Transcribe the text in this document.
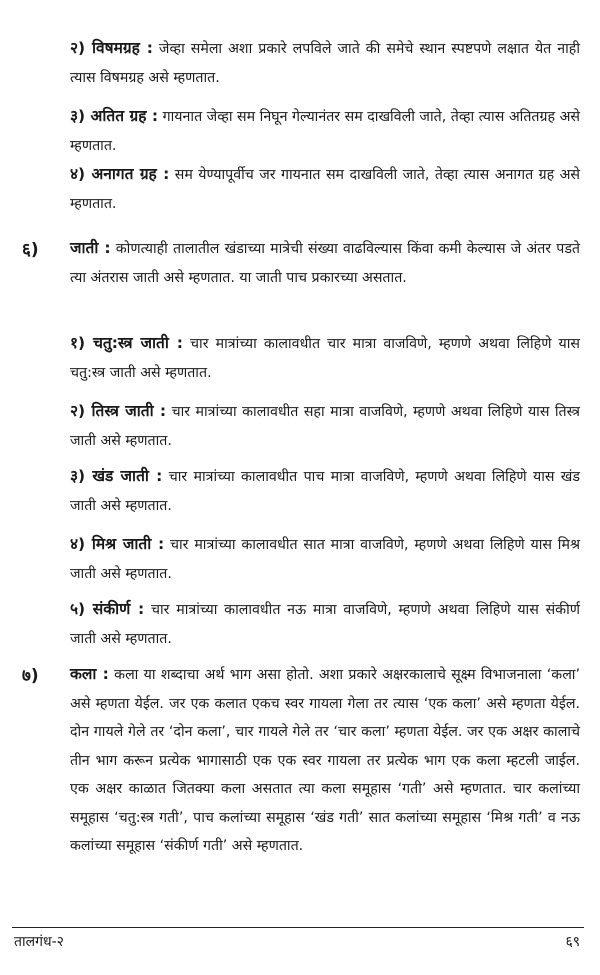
२) विषमग्रह : जेव्हा समेला अशा प्रकारे लपविले जाते की समेचे स्थान स्पष्टपणे लक्षात येत नाही त्यास विषमग्रह असे म्हणतात.

३) अतित ग्रह : गायनात जेव्हा सम निघून गेल्यानंतर सम दाखविली जाते, तेव्हा त्यास अतितग्रह असे म्हणतात.

४) अनागत ग्रह : सम येण्यापूर्वीच जर गायनात सम दाखविली जाते, तेव्हा त्यास अनागत ग्रह असे म्हणतात.

६) जाती : कोणत्याही तालातील खंडाच्या मात्रेची संख्या वाढविल्यास किंवा कमी केल्यास जे अंतर पडते त्या अंतरास जाती असे म्हणतात. या जाती पाच प्रकारच्या असतात.

१) चतु:स्त्र जाती : चार मात्रांच्या कालावधीत चार मात्रा वाजविणे, म्हणणे अथवा लिहिणे यास चतु:स्त्र जाती असे म्हणतात.

२) तिस्त्र जाती : चार मात्रांच्या कालावधीत सहा मात्रा वाजविणे, म्हणणे अथवा लिहिणे यास तिस्त्र जाती असे म्हणतात.

३) खंड जाती : चार मात्रांच्या कालावधीत पाच मात्रा वाजविणे, म्हणणे अथवा लिहिणे यास खंड जाती असे म्हणतात.

४) मिश्र जाती : चार मात्रांच्या कालावधीत सात मात्रा वाजविणे, म्हणणे अथवा लिहिणे यास मिश्र जाती असे म्हणतात.

५) संकीर्ण : चार मात्रांच्या कालावधीत नऊ मात्रा वाजविणे, म्हणणे अथवा लिहिणे यास संकीर्ण जाती असे म्हणतात.

७) कला : कला या शब्दाचा अर्थ भाग असा होतो. अशा प्रकारे अक्षरकालाचे सूक्ष्म विभाजनाला ‘कला’ असे म्हणता येईल. जर एक कलात एकच स्वर गायला गेला तर त्यास ‘एक कला’ असे म्हणता येईल. दोन गायले गेले तर ‘दोन कला’, चार गायले गेले तर ‘चार कला’ म्हणता येईल. जर एक अक्षर कालाचे तीन भाग करून प्रत्येक भागासाठी एक एक स्वर गायला तर प्रत्येक भाग एक कला म्हटली जाईल. एक अक्षर काळात जितक्या कला असतात त्या कला समूहास ‘गती’ असे म्हणतात. चार कलांच्या समूहास ‘चतु:स्त्र गती’, पाच कलांच्या समूहास ‘खंड गती’ सात कलांच्या समूहास ‘मिश्र गती’ व नऊ कलांच्या समूहास ‘संकीर्ण गती’ असे म्हणतात.

तालगंध-२	६९
